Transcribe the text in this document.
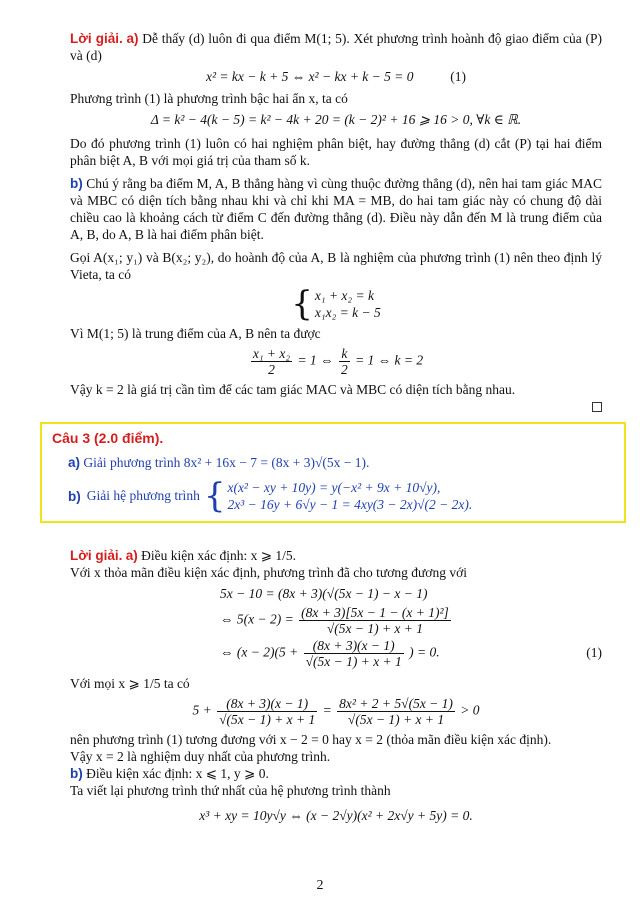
Lời giải. a) Dễ thấy (d) luôn đi qua điểm M(1; 5). Xét phương trình hoành độ giao điểm của (P) và (d)

x² = kx − k + 5 ⇔ x² − kx + k − 5 = 0	(1)

Phương trình (1) là phương trình bậc hai ẩn x, ta có

Δ = k² − 4(k − 5) = k² − 4k + 20 = (k − 2)² + 16 ⩾ 16 > 0, ∀k ∈ ℝ.

Do đó phương trình (1) luôn có hai nghiệm phân biệt, hay đường thẳng (d) cắt (P) tại hai điểm phân biệt A, B với mọi giá trị của tham số k.

b) Chú ý rằng ba điểm M, A, B thẳng hàng vì cùng thuộc đường thẳng (d), nên hai tam giác MAC và MBC có diện tích bằng nhau khi và chỉ khi MA = MB, do hai tam giác này có chung độ dài chiều cao là khoảng cách từ điểm C đến đường thẳng (d). Điều này dẫn đến M là trung điểm của A, B, do A, B là hai điểm phân biệt.

Gọi A(x₁; y₁) và B(x₂; y₂), do hoành độ của A, B là nghiệm của phương trình (1) nên theo định lý Vieta, ta có

{ x₁ + x₂ = k
x₁x₂ = k − 5

Vì M(1; 5) là trung điểm của A, B nên ta được

$\frac{\text{x₁ + x₂}}{2} = 1$ ⇔ $\frac{k}{2} = 1$ ⇔ k = 2

Vậy k = 2 là giá trị cần tìm để các tam giác MAC và MBC có diện tích bằng nhau.

Câu 3 (2.0 điểm).

a) Giải phương trình 8x² + 16x − 7 = (8x + 3)√(5x − 1).

b) Giải hệ phương trình { x(x² − xy + 10y) = y(−x² + 9x + 10√y),
2x³ − 16y + 6√y − 1 = 4xy(3 − 2x)√(2 − 2x).

Lời giải. a) Điều kiện xác định: x ⩾ 1/5.

Với x thỏa mãn điều kiện xác định, phương trình đã cho tương đương với

5x − 10 = (8x + 3)(√(5x − 1) − x − 1)
⇔ $5(x - 2) = \frac{\text{(8x + 3)[5x − 1 − (x + 1)²]}}{√(5x - 1) + x + 1}$
⇔ $(x - 2)(5 + \frac{(8x + 3)(x - 1)}{√(5x - 1) + x + 1}$ ) = 0.	(1)

Với mọi x ⩾ 1/5 ta có

$5 + \frac{(8x + 3)(x - 1)}{√(5x - 1) + x + 1} = \frac{\text{8x² + 2 + 5√(5x − 1)}}{√(5x - 1) + x + 1} > 0$

nên phương trình (1) tương đương với x − 2 = 0 hay x = 2 (thỏa mãn điều kiện xác định).

Vậy x = 2 là nghiệm duy nhất của phương trình.

b) Điều kiện xác định: x ⩽ 1, y ⩾ 0.

Ta viết lại phương trình thứ nhất của hệ phương trình thành

x³ + xy = 10y√y ⇔ (x − 2√y)(x² + 2x√y + 5y) = 0.
2
